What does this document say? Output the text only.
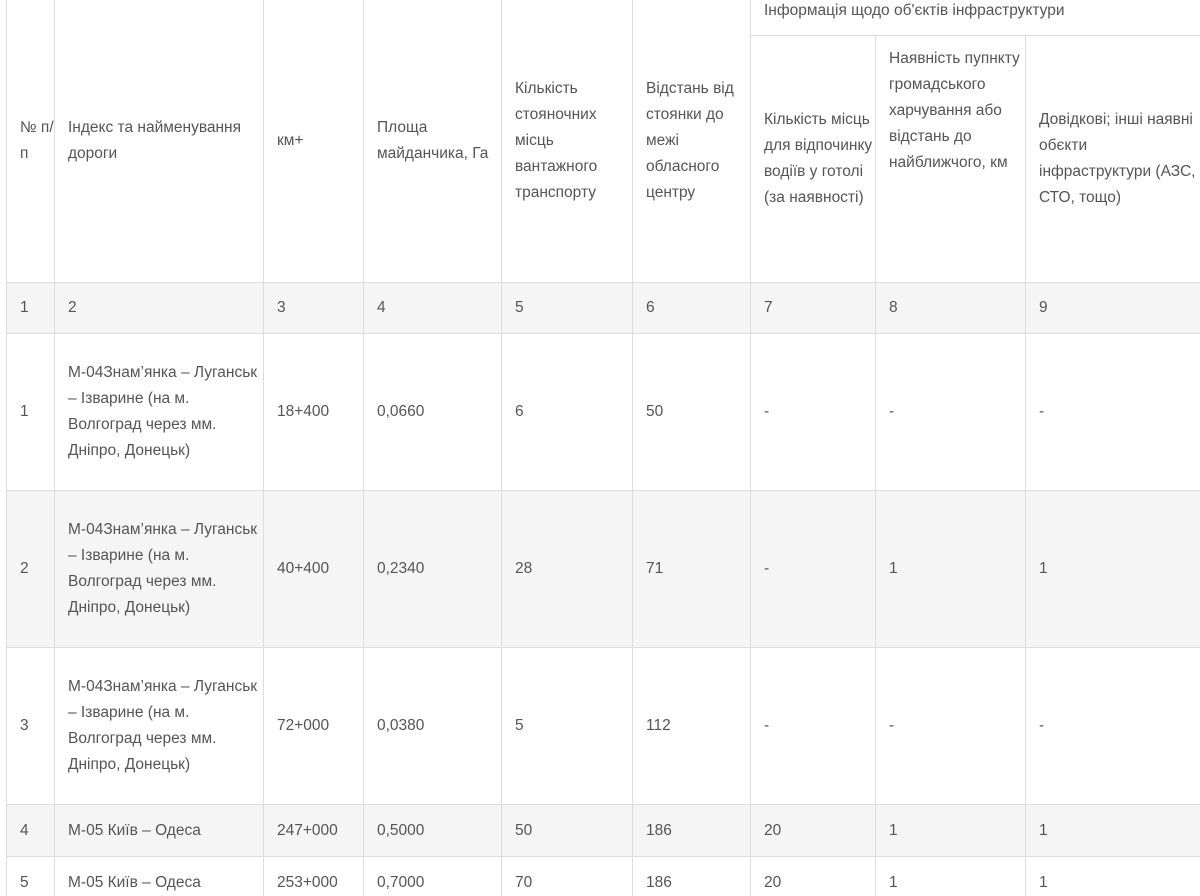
№ п/п	Індекс та найменування дороги	км+	Площа майданчика, Га	Кількість стояночних місць вантажного транспорту	Відстань від стоянки до межі обласного центру	Інформація щодо об'єктів інфраструктури		
						Кількість місць для відпочинку водіїв у готолі (за наявності)	Наявність пупнкту громадського харчування або відстань до найближчого, км	Довідкові; інші наявні обєкти інфраструктури (АЗС, СТО, тощо)
1	2	3	4	5	6	7	8	9
1	М-04Знам’янка – Луганськ – Ізварине (на м. Волгоград через мм. Дніпро, Донецьк)	18+400	0,0660	6	50	-	-	-
2	М-04Знам’янка – Луганськ – Ізварине (на м. Волгоград через мм. Дніпро, Донецьк)	40+400	0,2340	28	71	-	1	1
3	М-04Знам’янка – Луганськ – Ізварине (на м. Волгоград через мм. Дніпро, Донецьк)	72+000	0,0380	5	112	-	-	-
4	М-05 Київ – Одеса	247+000	0,5000	50	186	20	1	1
5	М-05 Київ – Одеса	253+000	0,7000	70	186	20	1	1
